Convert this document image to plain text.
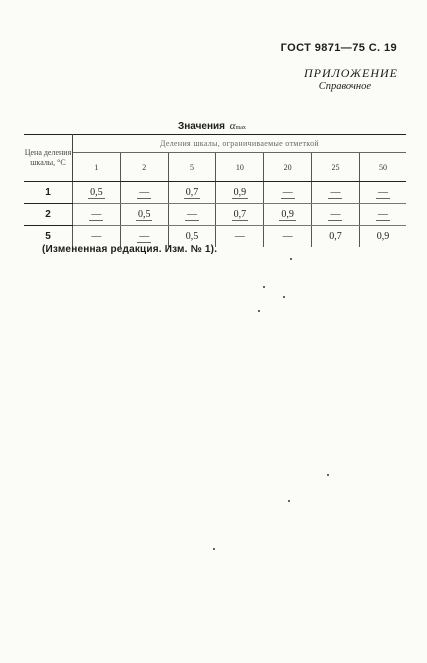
ГОСТ 9871—75 С. 19
ПРИЛОЖЕНИЕ
Справочное
Значения αmax
Цена деления шкалы, °С	Деления шкалы, ограничиваемые отметкой						
	1	2	5	10	20	25	50
1	0,5	—	0,7	0,9	—	—	—
2	—	0,5	—	0,7	0,9	—	—
5	—	—	0,5	—	—	0,7	0,9
(Измененная редакция. Изм. № 1).
